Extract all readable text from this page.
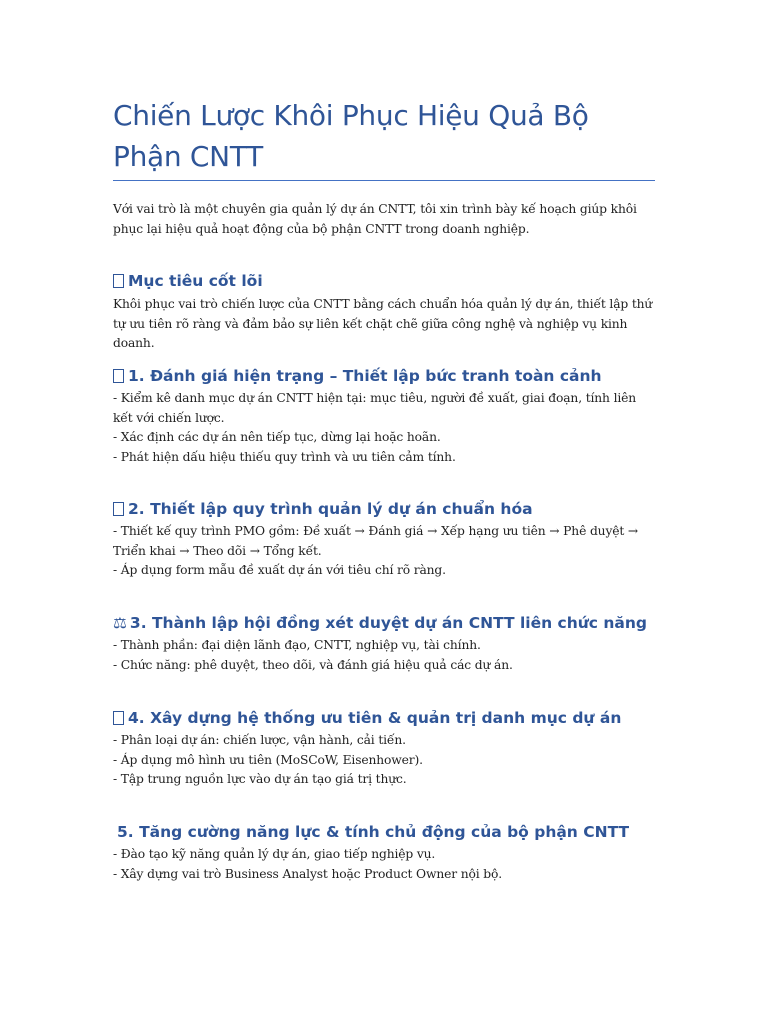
Chiến Lược Khôi Phục Hiệu Quả Bộ Phận CNTT

Với vai trò là một chuyên gia quản lý dự án CNTT, tôi xin trình bày kế hoạch giúp khôi phục lại hiệu quả hoạt động của bộ phận CNTT trong doanh nghiệp.

Mục tiêu cốt lõi

Khôi phục vai trò chiến lược của CNTT bằng cách chuẩn hóa quản lý dự án, thiết lập thứ tự ưu tiên rõ ràng và đảm bảo sự liên kết chặt chẽ giữa công nghệ và nghiệp vụ kinh doanh.

1. Đánh giá hiện trạng – Thiết lập bức tranh toàn cảnh
- Kiểm kê danh mục dự án CNTT hiện tại: mục tiêu, người đề xuất, giai đoạn, tính liên kết với chiến lược.
- Xác định các dự án nên tiếp tục, dừng lại hoặc hoãn.
- Phát hiện dấu hiệu thiếu quy trình và ưu tiên cảm tính.
2. Thiết lập quy trình quản lý dự án chuẩn hóa
- Thiết kế quy trình PMO gồm: Đề xuất → Đánh giá → Xếp hạng ưu tiên → Phê duyệt → Triển khai → Theo dõi → Tổng kết.
- Áp dụng form mẫu đề xuất dự án với tiêu chí rõ ràng.
⚖ 3. Thành lập hội đồng xét duyệt dự án CNTT liên chức năng
- Thành phần: đại diện lãnh đạo, CNTT, nghiệp vụ, tài chính.
- Chức năng: phê duyệt, theo dõi, và đánh giá hiệu quả các dự án.
4. Xây dựng hệ thống ưu tiên & quản trị danh mục dự án
- Phân loại dự án: chiến lược, vận hành, cải tiến.
- Áp dụng mô hình ưu tiên (MoSCoW, Eisenhower).
- Tập trung nguồn lực vào dự án tạo giá trị thực.
5. Tăng cường năng lực & tính chủ động của bộ phận CNTT
- Đào tạo kỹ năng quản lý dự án, giao tiếp nghiệp vụ.
- Xây dựng vai trò Business Analyst hoặc Product Owner nội bộ.
